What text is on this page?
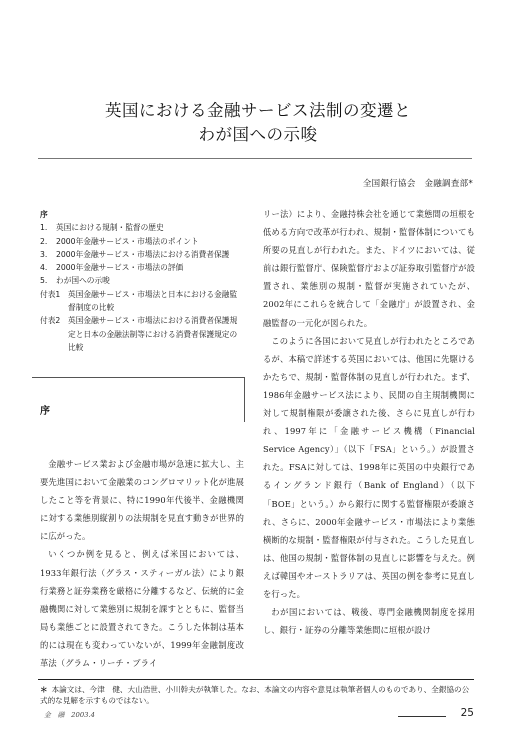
英国における金融サービス法制の変遷と
わが国への示唆
全国銀行協会　金融調査部*
序
1.	英国における規制・監督の歴史
2.	2000年金融サービス・市場法のポイント
3.	2000年金融サービス・市場法における消費者保護
4.	2000年金融サービス・市場法の評価
5.	わが国への示唆
付表1	英国金融サービス・市場法と日本における金融監督制度の比較
付表2	英国金融サービス・市場法における消費者保護規定と日本の金融法制等における消費者保護規定の比較
序

金融サービス業および金融市場が急速に拡大し、主要先進国において金融業のコングロマリット化が進展したこと等を背景に、特に1990年代後半、金融機関に対する業態別縦割りの法規制を見直す動きが世界的に広がった。

いくつか例を見ると、例えば米国においては、1933年銀行法（グラス・スティーガル法）により銀行業務と証券業務を厳格に分離するなど、伝統的に金融機関に対して業態別に規制を課すとともに、監督当局も業態ごとに設置されてきた。こうした体制は基本的には現在も変わっていないが、1999年金融制度改革法（グラム・リーチ・ブライ

リー法）により、金融持株会社を通じて業態間の垣根を低める方向で改革が行われ、規制・監督体制についても所要の見直しが行われた。また、ドイツにおいては、従前は銀行監督庁、保険監督庁および証券取引監督庁が設置され、業態別の規制・監督が実施されていたが、2002年にこれらを統合して「金融庁」が設置され、金融監督の一元化が図られた。

このように各国において見直しが行われたところであるが、本稿で詳述する英国においては、他国に先駆けるかたちで、規制・監督体制の見直しが行われた。まず、1986年金融サービス法により、民間の自主規制機関に対して規制権限が委譲された後、さらに見直しが行われ、1997年に「金融サービス機構（Financial Service Agency）」（以下「FSA」という。）が設置された。FSAに対しては、1998年に英国の中央銀行であるイングランド銀行（Bank of England）（以下「BOE」という。）から銀行に関する監督権限が委譲され、さらに、2000年金融サービス・市場法により業態横断的な規制・監督権限が付与された。こうした見直しは、他国の規制・監督体制の見直しに影響を与えた。例えば韓国やオーストラリアは、英国の例を参考に見直しを行った。

わが国においては、戦後、専門金融機関制度を採用し、銀行・証券の分離等業態間に垣根が設け

＊ 本論文は、今津　健、大山浩世、小川幹夫が執筆した。なお、本論文の内容や意見は執筆者個人のものであり、全銀協の公式的な見解を示すものではない。
金　融　2003.4	25
